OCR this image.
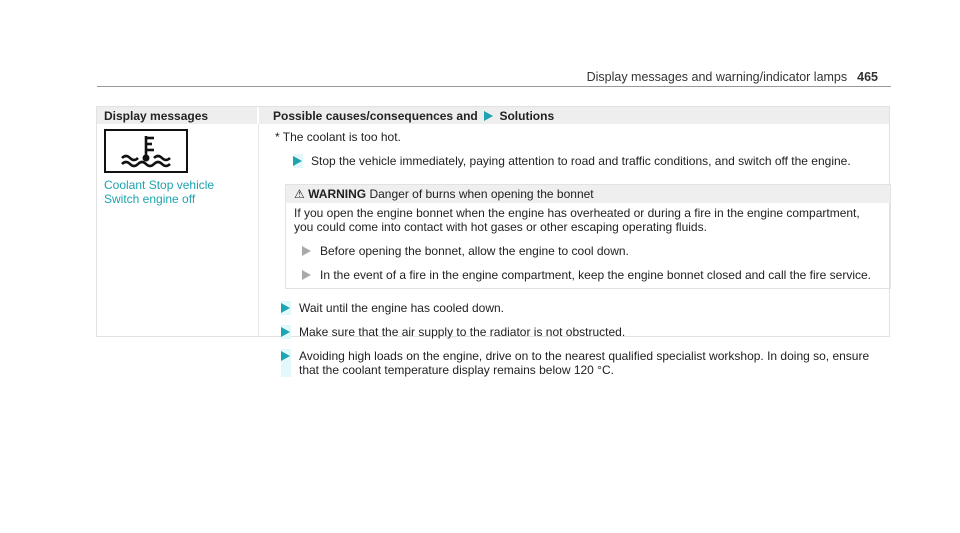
Display messages and warning/indicator lamps 465
Display messages	Possible causes/consequences and Solutions
Coolant Stop vehicle
Switch engine off
* The coolant is too hot.
Stop the vehicle immediately, paying attention to road and traffic conditions, and switch off the engine.
⚠ WARNING Danger of burns when opening the bonnet
If you open the engine bonnet when the engine has overheated or during a fire in the engine compartment, you could come into contact with hot gases or other escaping operating fluids.
Before opening the bonnet, allow the engine to cool down.
In the event of a fire in the engine compartment, keep the engine bonnet closed and call the fire service.
Wait until the engine has cooled down.
Make sure that the air supply to the radiator is not obstructed.
Avoiding high loads on the engine, drive on to the nearest qualified specialist workshop. In doing so, ensure that the coolant temperature display remains below 120 °C.
